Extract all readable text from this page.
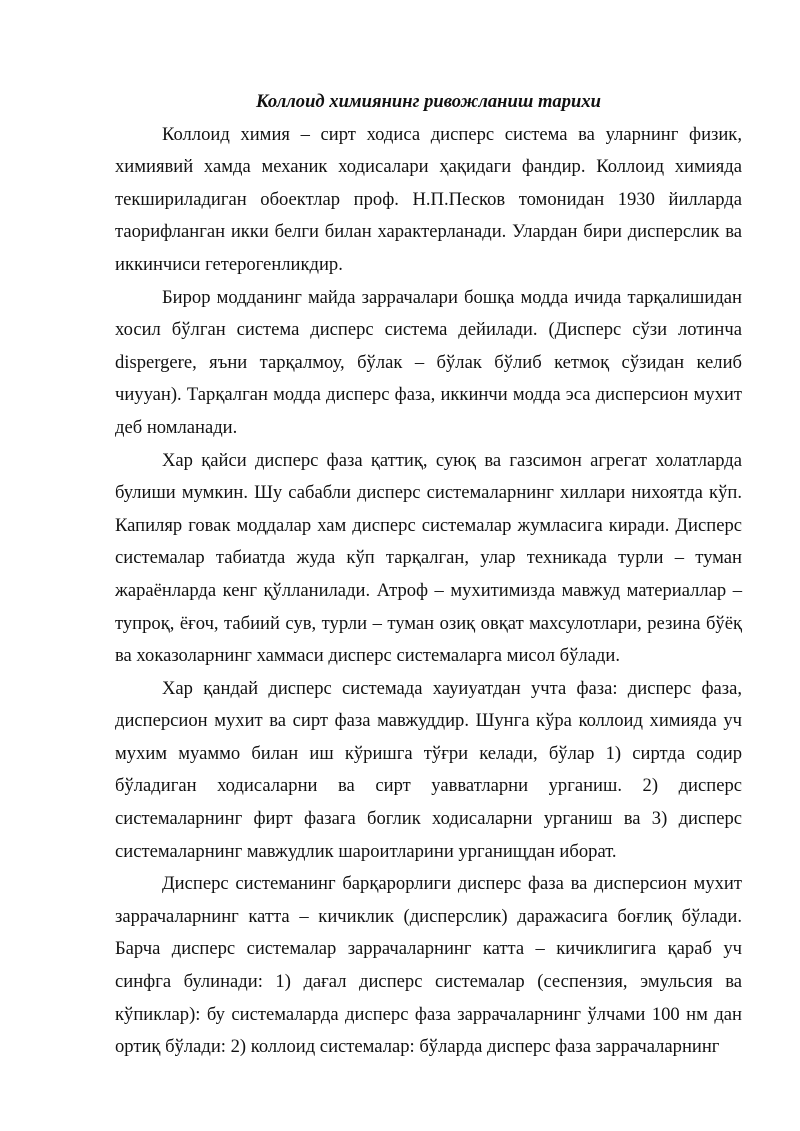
Коллоид химиянинг ривожланиш тарихи

Коллоид химия – сирт ходиса дисперс система ва уларнинг физик, химиявий хамда механик ходисалари ҳақидаги фандир. Коллоид химияда текшириладиган обоектлар проф. Н.П.Песков томонидан 1930 йилларда таорифланган икки белги билан характерланади. Улардан бири дисперслик ва иккинчиси гетерогенликдир.

Бирор модданинг майда заррачалари бошқа модда ичида тарқалишидан хосил бўлган система дисперс система дейилади. (Дисперс сўзи лотинча dispergere, яъни тарқалмоу, бўлак – бўлак бўлиб кетмоқ сўзидан келиб чиууан). Тарқалган модда дисперс фаза, иккинчи модда эса дисперсион мухит деб номланади.

Хар қайси дисперс фаза қаттиқ, суюқ ва газсимон агрегат холатларда булиши мумкин. Шу сабабли дисперс системаларнинг хиллари нихоятда кўп. Капиляр говак моддалар хам дисперс системалар жумласига киради. Дисперс системалар табиатда жуда кўп тарқалган, улар техникада турли – туман жараёнларда кенг қўлланилади. Атроф – мухитимизда мавжуд материаллар – тупроқ, ёғоч, табиий сув, турли – туман озиқ овқат махсулотлари, резина бўёқ ва хоказоларнинг хаммаси дисперс системаларга мисол бўлади.

Хар қандай дисперс системада хауиуатдан учта фаза: дисперс фаза, дисперсион мухит ва сирт фаза мавжуддир. Шунга кўра коллоид химияда уч мухим муаммо билан иш кўришга тўғри келади, бўлар 1) сиртда содир бўладиган ходисаларни ва сирт уавватларни урганиш. 2) дисперс системаларнинг фирт фазага боглик ходисаларни урганиш ва 3) дисперс системаларнинг мавжудлик шароитларини урганищдан иборат.

Дисперс системанинг барқарорлиги дисперс фаза ва дисперсион мухит заррачаларнинг катта – кичиклик (дисперслик) даражасига боғлиқ бўлади. Барча дисперс системалар заррачаларнинг катта – кичиклигига қараб уч синфга булинади: 1) дағал дисперс системалар (сеспензия, эмульсия ва кўпиклар): бу системаларда дисперс фаза заррачаларнинг ўлчами 100 нм дан ортиқ бўлади: 2) коллоид системалар: бўларда дисперс фаза заррачаларнинг
